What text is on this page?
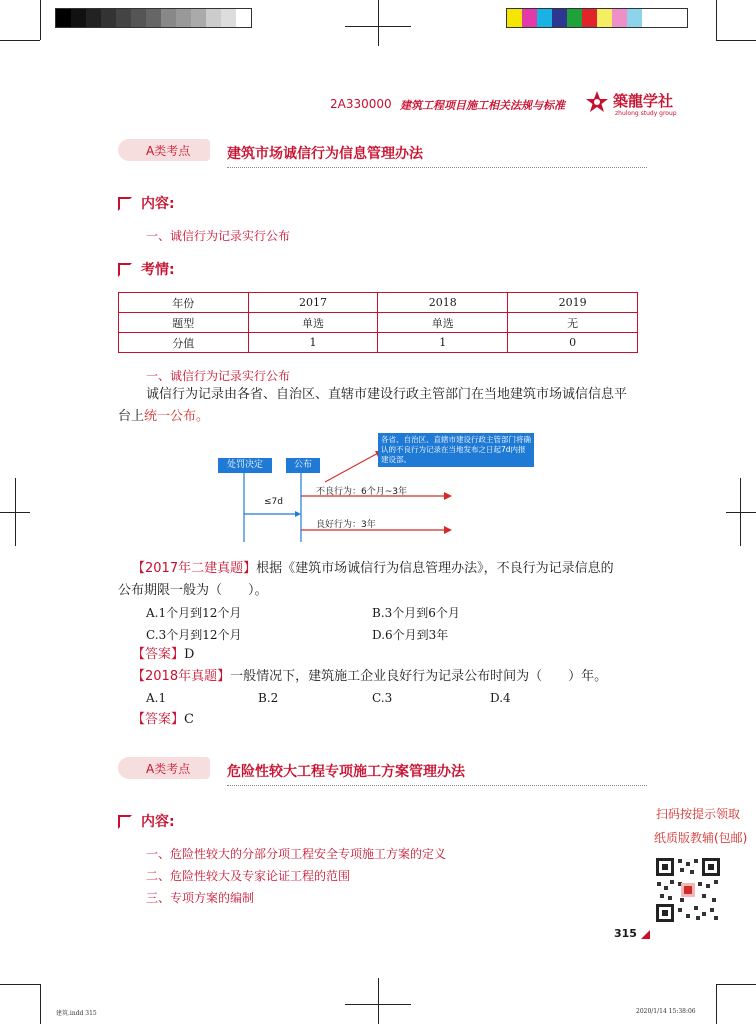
2A330000 建筑工程项目施工相关法规与标准	築龍学社
zhulong study group
A类考点	建筑市场诚信行为信息管理办法
内容:
一、诚信行为记录实行公布
考情:
年份	2017	2018	2019
题型	单选	单选	无
分值	1	1	0
一、诚信行为记录实行公布
诚信行为记录由各省、自治区、直辖市建设行政主管部门在当地建筑市场诚信信息平
台上统一公布。
处罚决定	公布
≤7d
各省、自治区、直辖市建设行政主管部门将确认的不良行为记录在当地发布之日起7d内报建设部。
不良行为：6个月~3年
良好行为：3年
【2017年二建真题】根据《建筑市场诚信行为信息管理办法》，不良行为记录信息的
公布期限一般为（　　）。
A.1个月到12个月	B.3个月到6个月
C.3个月到12个月	D.6个月到3年
【答案】D
【2018年真题】一般情况下，建筑施工企业良好行为记录公布时间为（　　）年。
A.1	B.2	C.3	D.4
【答案】C
A类考点	危险性较大工程专项施工方案管理办法
内容:
一、危险性较大的分部分项工程安全专项施工方案的定义
二、危险性较大及专家论证工程的范围
三、专项方案的编制
扫码按提示领取
纸质版教辅(包邮)
315
建筑.indd 315	2020/1/14 15:38:06
